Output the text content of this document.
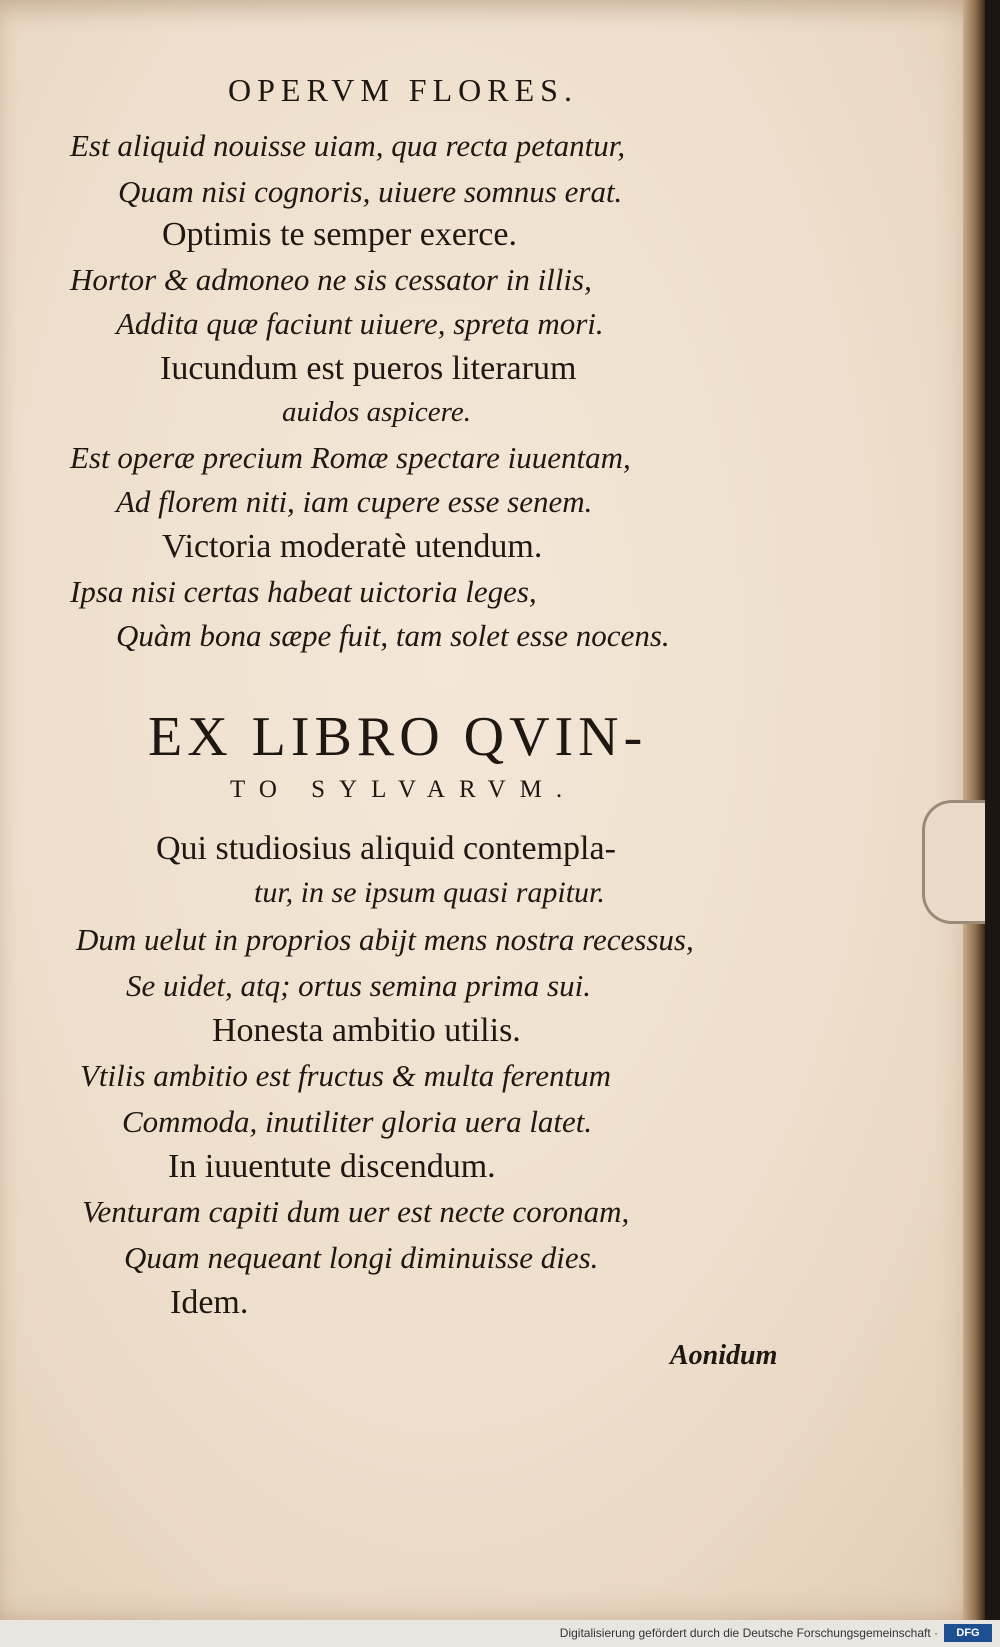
OPERVM FLORES.
Est aliquid nouisse uiam, qua recta petantur,
Quam nisi cognoris, uiuere somnus erat.
Optimis te semper exerce.
Hortor & admoneo ne sis cessator in illis,
Addita quæ faciunt uiuere, spreta mori.
Iucundum est pueros literarum
auidos aspicere.
Est operæ precium Romæ spectare iuuentam,
Ad florem niti, iam cupere esse senem.
Victoria moderatè utendum.
Ipsa nisi certas habeat uictoria leges,
Quàm bona sæpe fuit, tam solet esse nocens.
EX LIBRO QVIN-
TO SYLVARVM.
Qui studiosius aliquid contempla-
tur, in se ipsum quasi rapitur.
Dum uelut in proprios abijt mens nostra recessus,
Se uidet, atq; ortus semina prima sui.
Honesta ambitio utilis.
Vtilis ambitio est fructus & multa ferentum
Commoda, inutiliter gloria uera latet.
In iuuentute discendum.
Venturam capiti dum uer est necte coronam,
Quam nequeant longi diminuisse dies.
Idem.
Aonidum
Digitalisierung gefördert durch die Deutsche Forschungsgemeinschaft ·	DFG
